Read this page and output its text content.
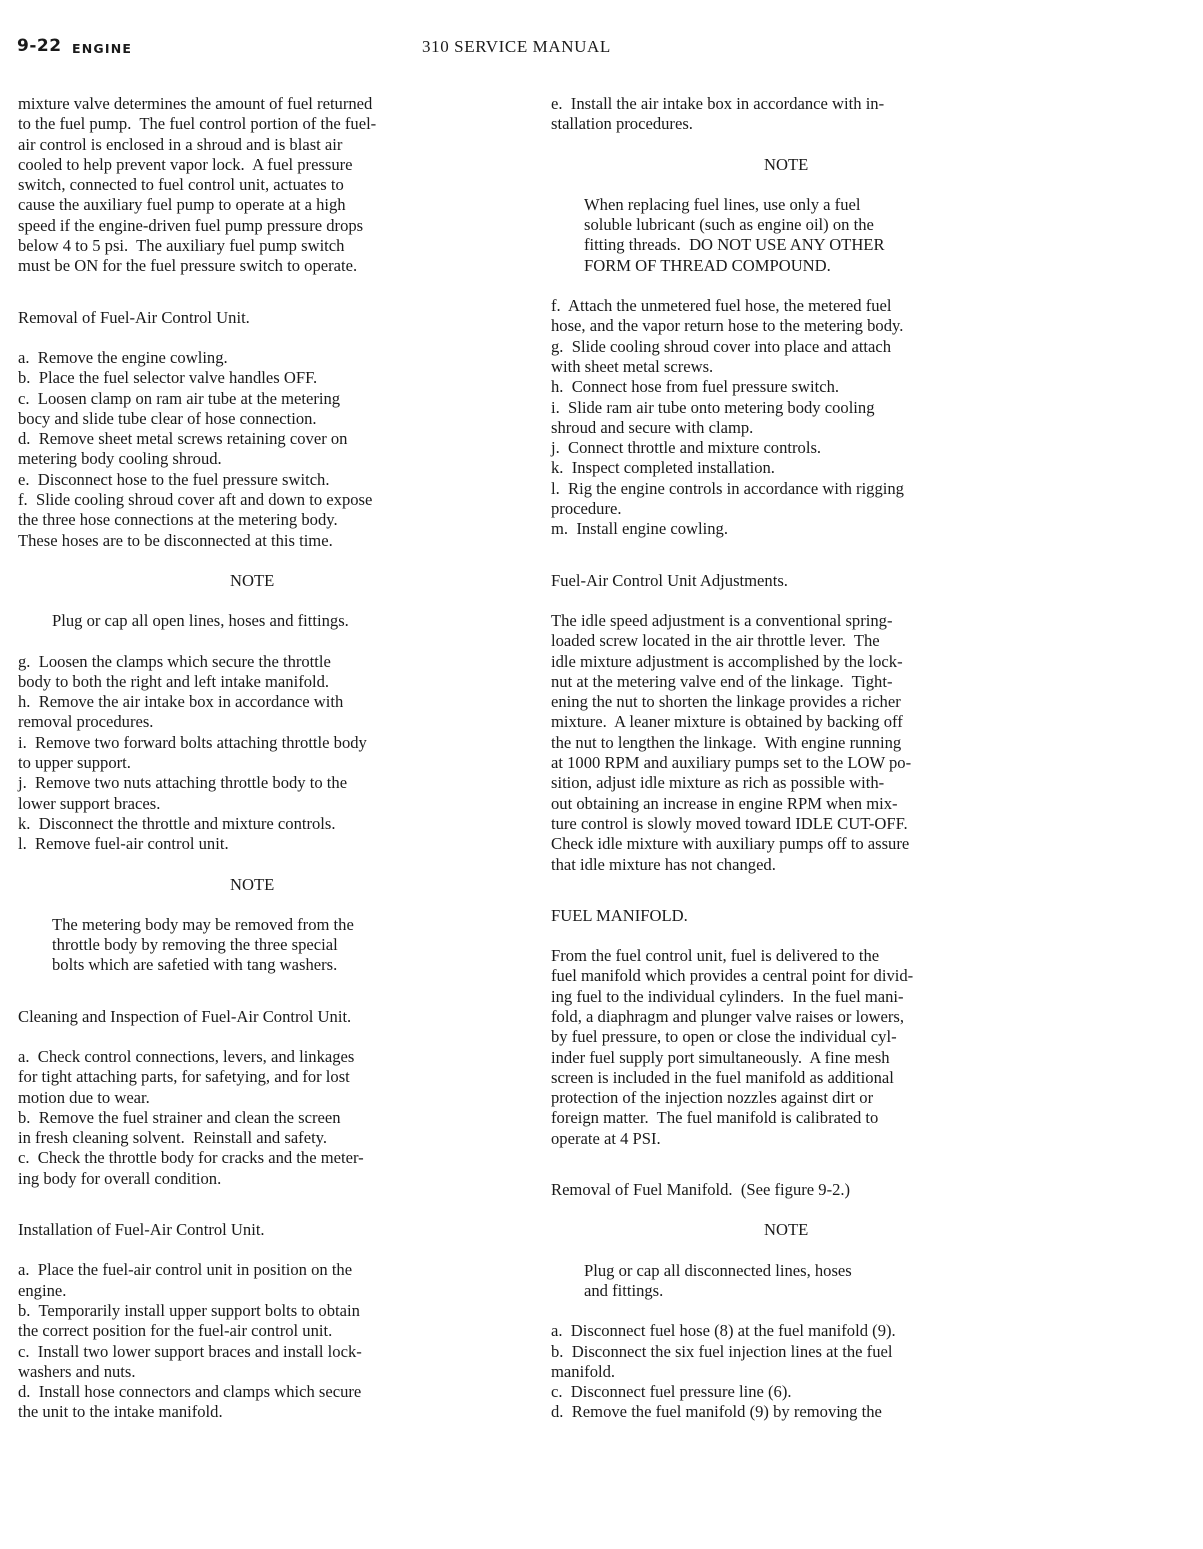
9-22 ENGINE	310 SERVICE MANUAL

mixture valve determines the amount of fuel returned

to the fuel pump.  The fuel control portion of the fuel-

air control is enclosed in a shroud and is blast air

cooled to help prevent vapor lock.  A fuel pressure

switch, connected to fuel control unit, actuates to

cause the auxiliary fuel pump to operate at a high

speed if the engine-driven fuel pump pressure drops

below 4 to 5 psi.  The auxiliary fuel pump switch

must be ON for the fuel pressure switch to operate.

Removal of Fuel-Air Control Unit.

a.  Remove the engine cowling.

b.  Place the fuel selector valve handles OFF.

c.  Loosen clamp on ram air tube at the metering

bocy and slide tube clear of hose connection.

d.  Remove sheet metal screws retaining cover on

metering body cooling shroud.

e.  Disconnect hose to the fuel pressure switch.

f.  Slide cooling shroud cover aft and down to expose

the three hose connections at the metering body.

These hoses are to be disconnected at this time.

NOTE

Plug or cap all open lines, hoses and fittings.

g.  Loosen the clamps which secure the throttle

body to both the right and left intake manifold.

h.  Remove the air intake box in accordance with

removal procedures.

i.  Remove two forward bolts attaching throttle body

to upper support.

j.  Remove two nuts attaching throttle body to the

lower support braces.

k.  Disconnect the throttle and mixture controls.

l.  Remove fuel-air control unit.

NOTE

The metering body may be removed from the

throttle body by removing the three special

bolts which are safetied with tang washers.

Cleaning and Inspection of Fuel-Air Control Unit.

a.  Check control connections, levers, and linkages

for tight attaching parts, for safetying, and for lost

motion due to wear.

b.  Remove the fuel strainer and clean the screen

in fresh cleaning solvent.  Reinstall and safety.

c.  Check the throttle body for cracks and the meter-

ing body for overall condition.

Installation of Fuel-Air Control Unit.

a.  Place the fuel-air control unit in position on the

engine.

b.  Temporarily install upper support bolts to obtain

the correct position for the fuel-air control unit.

c.  Install two lower support braces and install lock-

washers and nuts.

d.  Install hose connectors and clamps which secure

the unit to the intake manifold.

e.  Install the air intake box in accordance with in-

stallation procedures.

NOTE

When replacing fuel lines, use only a fuel

soluble lubricant (such as engine oil) on the

fitting threads.  DO NOT USE ANY OTHER

FORM OF THREAD COMPOUND.

f.  Attach the unmetered fuel hose, the metered fuel

hose, and the vapor return hose to the metering body.

g.  Slide cooling shroud cover into place and attach

with sheet metal screws.

h.  Connect hose from fuel pressure switch.

i.  Slide ram air tube onto metering body cooling

shroud and secure with clamp.

j.  Connect throttle and mixture controls.

k.  Inspect completed installation.

l.  Rig the engine controls in accordance with rigging

procedure.

m.  Install engine cowling.

Fuel-Air Control Unit Adjustments.

The idle speed adjustment is a conventional spring-

loaded screw located in the air throttle lever.  The

idle mixture adjustment is accomplished by the lock-

nut at the metering valve end of the linkage.  Tight-

ening the nut to shorten the linkage provides a richer

mixture.  A leaner mixture is obtained by backing off

the nut to lengthen the linkage.  With engine running

at 1000 RPM and auxiliary pumps set to the LOW po-

sition, adjust idle mixture as rich as possible with-

out obtaining an increase in engine RPM when mix-

ture control is slowly moved toward IDLE CUT-OFF.

Check idle mixture with auxiliary pumps off to assure

that idle mixture has not changed.

FUEL MANIFOLD.

From the fuel control unit, fuel is delivered to the

fuel manifold which provides a central point for divid-

ing fuel to the individual cylinders.  In the fuel mani-

fold, a diaphragm and plunger valve raises or lowers,

by fuel pressure, to open or close the individual cyl-

inder fuel supply port simultaneously.  A fine mesh

screen is included in the fuel manifold as additional

protection of the injection nozzles against dirt or

foreign matter.  The fuel manifold is calibrated to

operate at 4 PSI.

Removal of Fuel Manifold.  (See figure 9-2.)

NOTE

Plug or cap all disconnected lines, hoses

and fittings.

a.  Disconnect fuel hose (8) at the fuel manifold (9).

b.  Disconnect the six fuel injection lines at the fuel

manifold.

c.  Disconnect fuel pressure line (6).

d.  Remove the fuel manifold (9) by removing the
